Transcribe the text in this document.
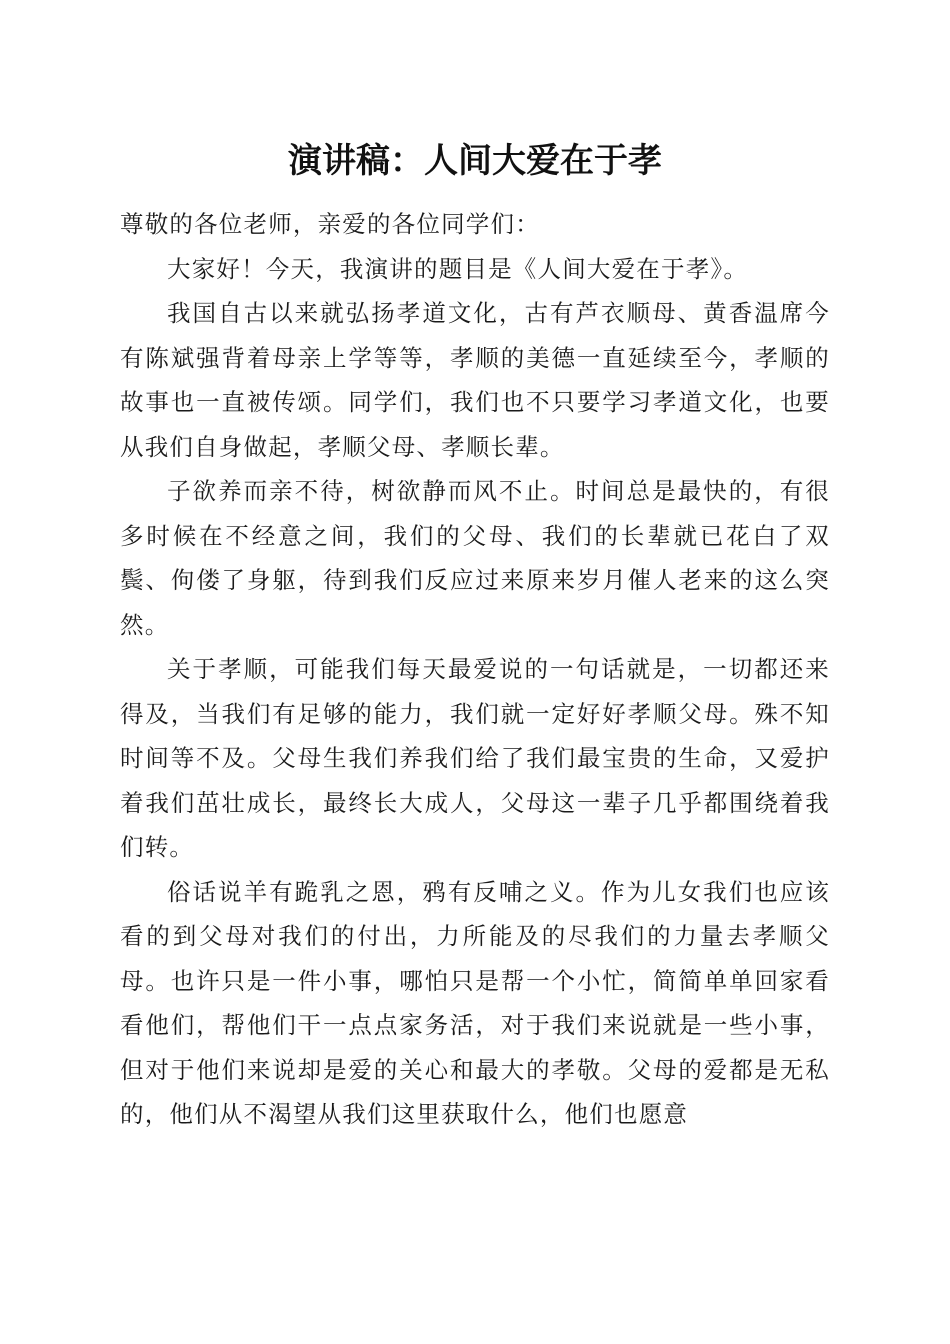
演讲稿：人间大爱在于孝

尊敬的各位老师，亲爱的各位同学们：

大家好！今天，我演讲的题目是《人间大爱在于孝》。

我国自古以来就弘扬孝道文化，古有芦衣顺母、黄香温席今有陈斌强背着母亲上学等等，孝顺的美德一直延续至今，孝顺的故事也一直被传颂。同学们，我们也不只要学习孝道文化，也要从我们自身做起，孝顺父母、孝顺长辈。

子欲养而亲不待，树欲静而风不止。时间总是最快的，有很多时候在不经意之间，我们的父母、我们的长辈就已花白了双鬓、佝偻了身躯，待到我们反应过来原来岁月催人老来的这么突然。

关于孝顺，可能我们每天最爱说的一句话就是，一切都还来得及，当我们有足够的能力，我们就一定好好孝顺父母。殊不知时间等不及。父母生我们养我们给了我们最宝贵的生命，又爱护着我们茁壮成长，最终长大成人，父母这一辈子几乎都围绕着我们转。

俗话说羊有跪乳之恩，鸦有反哺之义。作为儿女我们也应该看的到父母对我们的付出，力所能及的尽我们的力量去孝顺父母。也许只是一件小事，哪怕只是帮一个小忙，简简单单回家看看他们，帮他们干一点点家务活，对于我们来说就是一些小事，但对于他们来说却是爱的关心和最大的孝敬。父母的爱都是无私的，他们从不渴望从我们这里获取什么，他们也愿意
